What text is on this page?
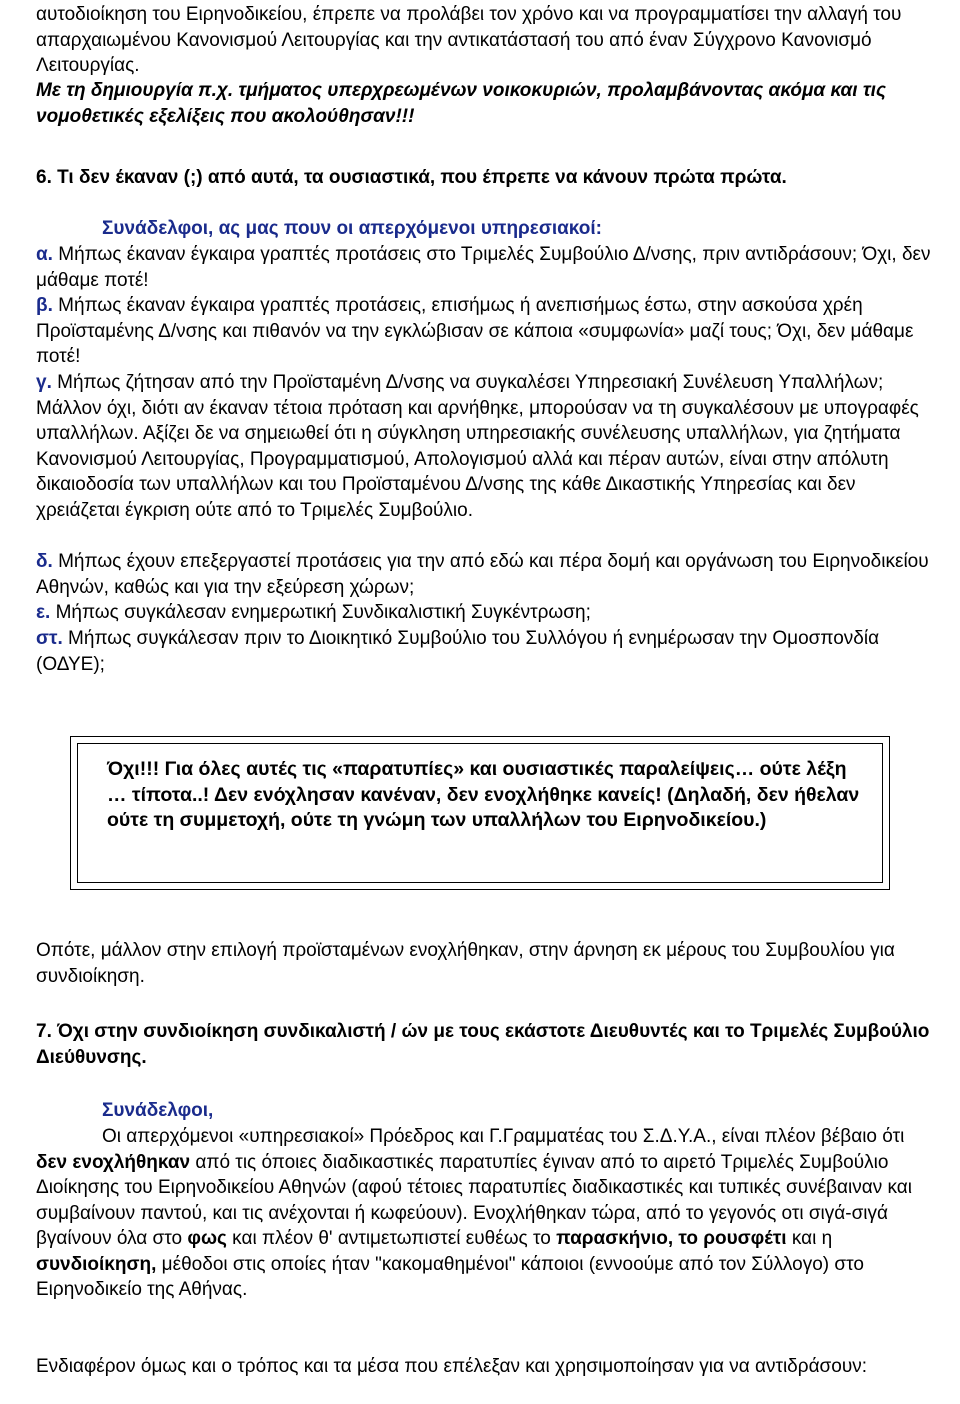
αυτοδιοίκηση του Ειρηνοδικείου, έπρεπε να προλάβει τον χρόνο και να προγραμματίσει την αλλαγή του απαρχαιωμένου Κανονισμού Λειτουργίας και την αντικατάστασή του από έναν Σύγχρονο Κανονισμό Λειτουργίας.

Με τη δημιουργία π.χ. τμήματος υπερχρεωμένων νοικοκυριών, προλαμβάνοντας ακόμα και τις νομοθετικές εξελίξεις που ακολούθησαν!!!

6. Τι δεν έκαναν (;) από αυτά, τα ουσιαστικά, που έπρεπε να κάνουν πρώτα πρώτα.

Συνάδελφοι, ας μας πουν οι απερχόμενοι υπηρεσιακοί:

α. Μήπως έκαναν έγκαιρα γραπτές προτάσεις στο Τριμελές Συμβούλιο Δ/νσης, πριν αντιδράσουν; Όχι, δεν μάθαμε ποτέ!

β. Μήπως έκαναν έγκαιρα γραπτές προτάσεις, επισήμως ή ανεπισήμως έστω, στην ασκούσα χρέη Προϊσταμένης Δ/νσης και πιθανόν να την εγκλώβισαν σε κάποια «συμφωνία» μαζί τους; Όχι, δεν μάθαμε ποτέ!

γ. Μήπως ζήτησαν από την Προϊσταμένη Δ/νσης να συγκαλέσει Υπηρεσιακή Συνέλευση Υπαλλήλων; Μάλλον όχι, διότι αν έκαναν τέτοια πρόταση και αρνήθηκε, μπορούσαν να τη συγκαλέσουν με υπογραφές υπαλλήλων. Αξίζει δε να σημειωθεί ότι η σύγκληση υπηρεσιακής συνέλευσης υπαλλήλων, για ζητήματα Κανονισμού Λειτουργίας, Προγραμματισμού, Απολογισμού αλλά και πέραν αυτών, είναι στην απόλυτη δικαιοδοσία των υπαλλήλων και του Προϊσταμένου Δ/νσης της κάθε Δικαστικής Υπηρεσίας και δεν χρειάζεται έγκριση ούτε από το Τριμελές Συμβούλιο.

δ. Μήπως έχουν επεξεργαστεί προτάσεις για την από εδώ και πέρα δομή και οργάνωση του Ειρηνοδικείου Αθηνών, καθώς και για την εξεύρεση χώρων;

ε. Μήπως συγκάλεσαν ενημερωτική Συνδικαλιστική Συγκέντρωση;

στ. Μήπως συγκάλεσαν πριν το Διοικητικό Συμβούλιο του Συλλόγου ή ενημέρωσαν την Ομοσπονδία (ΟΔΥΕ);

Οπότε, μάλλον στην επιλογή προϊσταμένων ενοχλήθηκαν, στην άρνηση εκ μέρους του Συμβουλίου για συνδιοίκηση.

7. Όχι στην συνδιοίκηση συνδικαλιστή / ών με τους εκάστοτε Διευθυντές και το Τριμελές Συμβούλιο Διεύθυνσης.

Συνάδελφοι,

Οι απερχόμενοι «υπηρεσιακοί» Πρόεδρος και Γ.Γραμματέας του Σ.Δ.Υ.Α., είναι πλέον βέβαιο ότι δεν ενοχλήθηκαν από τις όποιες διαδικαστικές παρατυπίες έγιναν από το αιρετό Τριμελές Συμβούλιο Διοίκησης του Ειρηνοδικείου Αθηνών (αφού τέτοιες παρατυπίες διαδικαστικές και τυπικές συνέβαιναν και συμβαίνουν παντού, και τις ανέχονται ή κωφεύουν). Ενοχλήθηκαν τώρα, από το γεγονός οτι σιγά-σιγά βγαίνουν όλα στο φως και πλέον θ' αντιμετωπιστεί ευθέως το παρασκήνιο, το ρουσφέτι και η συνδιοίκηση, μέθοδοι στις οποίες ήταν "κακομαθημένοι" κάποιοι (εννοούμε από τον Σύλλογο) στο Ειρηνοδικείο της Αθήνας.

Ενδιαφέρον όμως και ο τρόπος και τα μέσα που επέλεξαν και χρησιμοποίησαν για να αντιδράσουν:

Όχι!!! Για όλες αυτές τις «παρατυπίες» και ουσιαστικές παραλείψεις… ούτε λέξη … τίποτα..! Δεν ενόχλησαν κανέναν, δεν ενοχλήθηκε κανείς! (Δηλαδή, δεν ήθελαν ούτε τη συμμετοχή, ούτε τη γνώμη των υπαλλήλων του Ειρηνοδικείου.)
